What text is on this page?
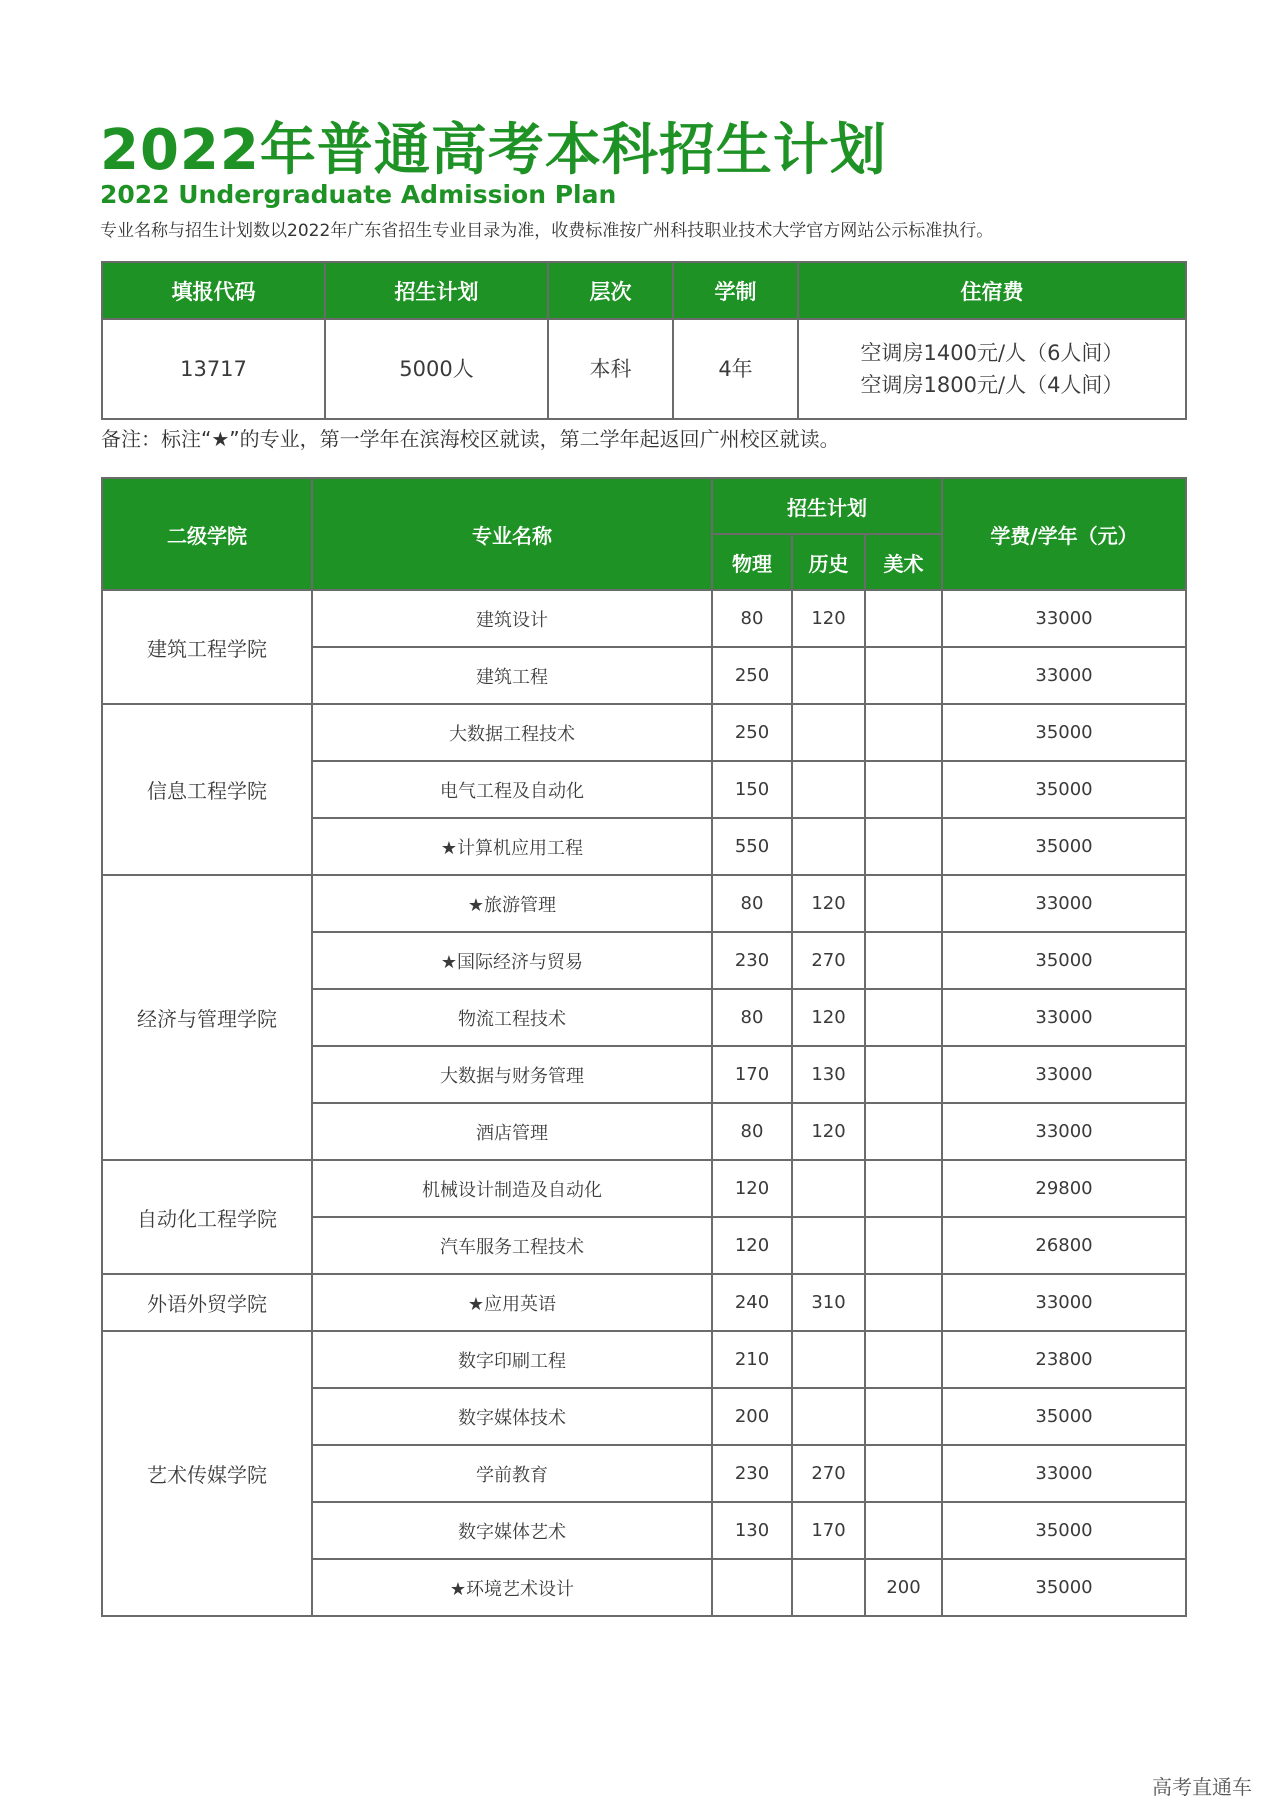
2022年普通高考本科招生计划

2022 Undergraduate Admission Plan

专业名称与招生计划数以2022年广东省招生专业目录为准，收费标准按广州科技职业技术大学官方网站公示标准执行。

填报代码	招生计划	层次	学制	住宿费
13717	5000人	本科	4年	空调房1400元/人（6人间）
空调房1800元/人（4人间）

备注：标注“★”的专业，第一学年在滨海校区就读，第二学年起返回广州校区就读。

二级学院	专业名称	招生计划			学费/学年（元）
		物理	历史	美术	
建筑工程学院	建筑设计	80	120		33000
	建筑工程	250			33000
信息工程学院	大数据工程技术	250			35000
	电气工程及自动化	150			35000
	★计算机应用工程	550			35000
经济与管理学院	★旅游管理	80	120		33000
	★国际经济与贸易	230	270		35000
	物流工程技术	80	120		33000
	大数据与财务管理	170	130		33000
	酒店管理	80	120		33000
自动化工程学院	机械设计制造及自动化	120			29800
	汽车服务工程技术	120			26800
外语外贸学院	★应用英语	240	310		33000
艺术传媒学院	数字印刷工程	210			23800
	数字媒体技术	200			35000
	学前教育	230	270		33000
	数字媒体艺术	130	170		35000
	★环境艺术设计			200	35000

高考直通车
